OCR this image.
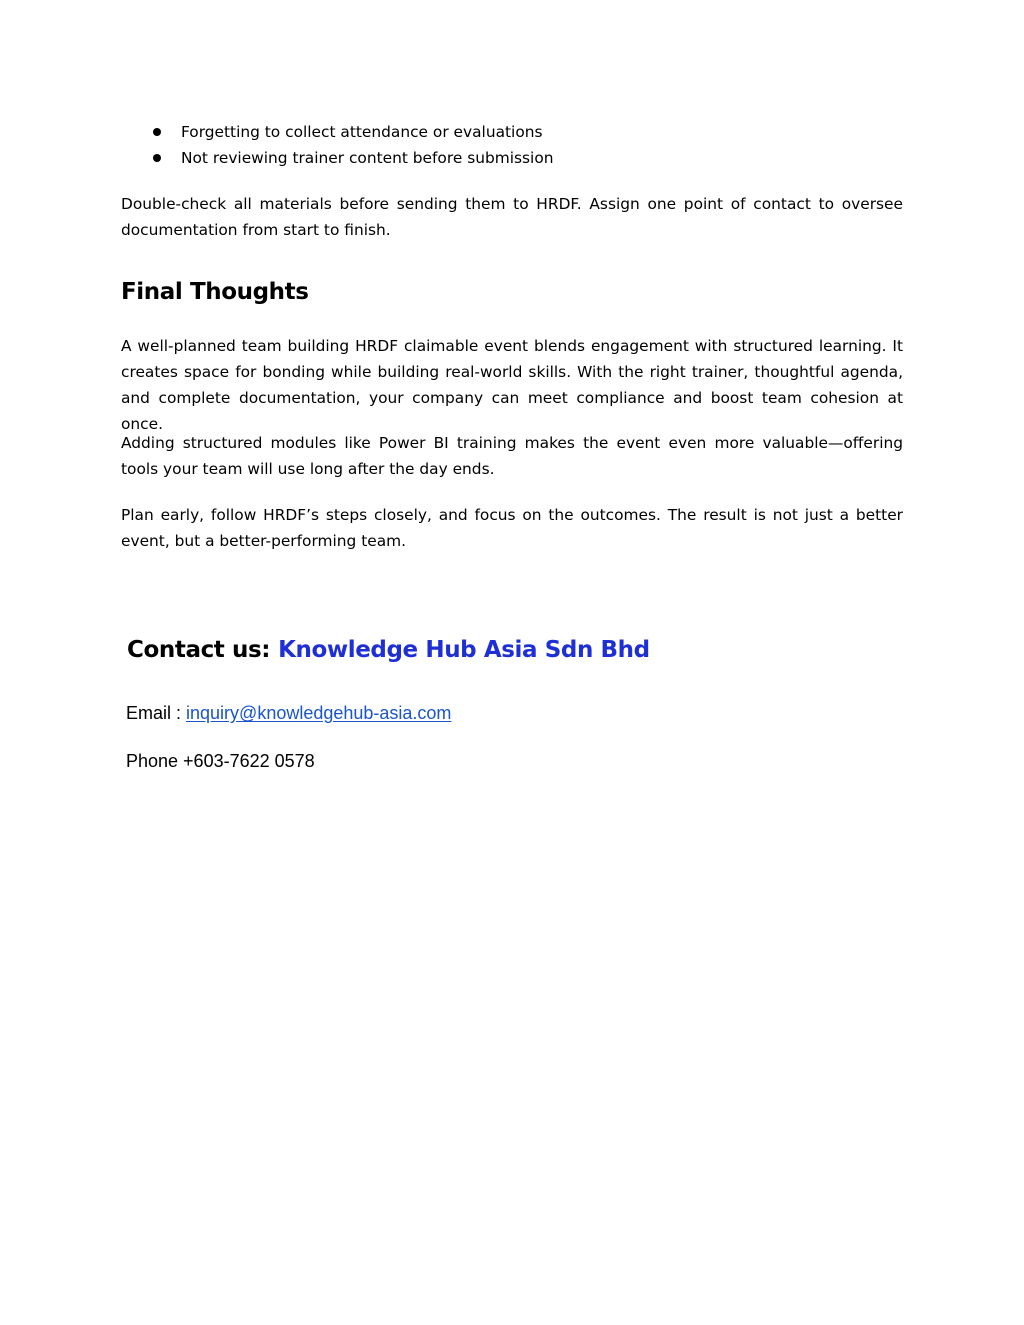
Forgetting to collect attendance or evaluations
Not reviewing trainer content before submission

Double-check all materials before sending them to HRDF. Assign one point of contact to oversee documentation from start to finish.

Final Thoughts

A well-planned team building HRDF claimable event blends engagement with structured learning. It creates space for bonding while building real-world skills. With the right trainer, thoughtful agenda, and complete documentation, your company can meet compliance and boost team cohesion at once.

Adding structured modules like Power BI training makes the event even more valuable—offering tools your team will use long after the day ends.

Plan early, follow HRDF’s steps closely, and focus on the outcomes. The result is not just a better event, but a better-performing team.

Contact us: Knowledge Hub Asia Sdn Bhd

Email : inquiry@knowledgehub-asia.com

Phone +603-7622 0578
